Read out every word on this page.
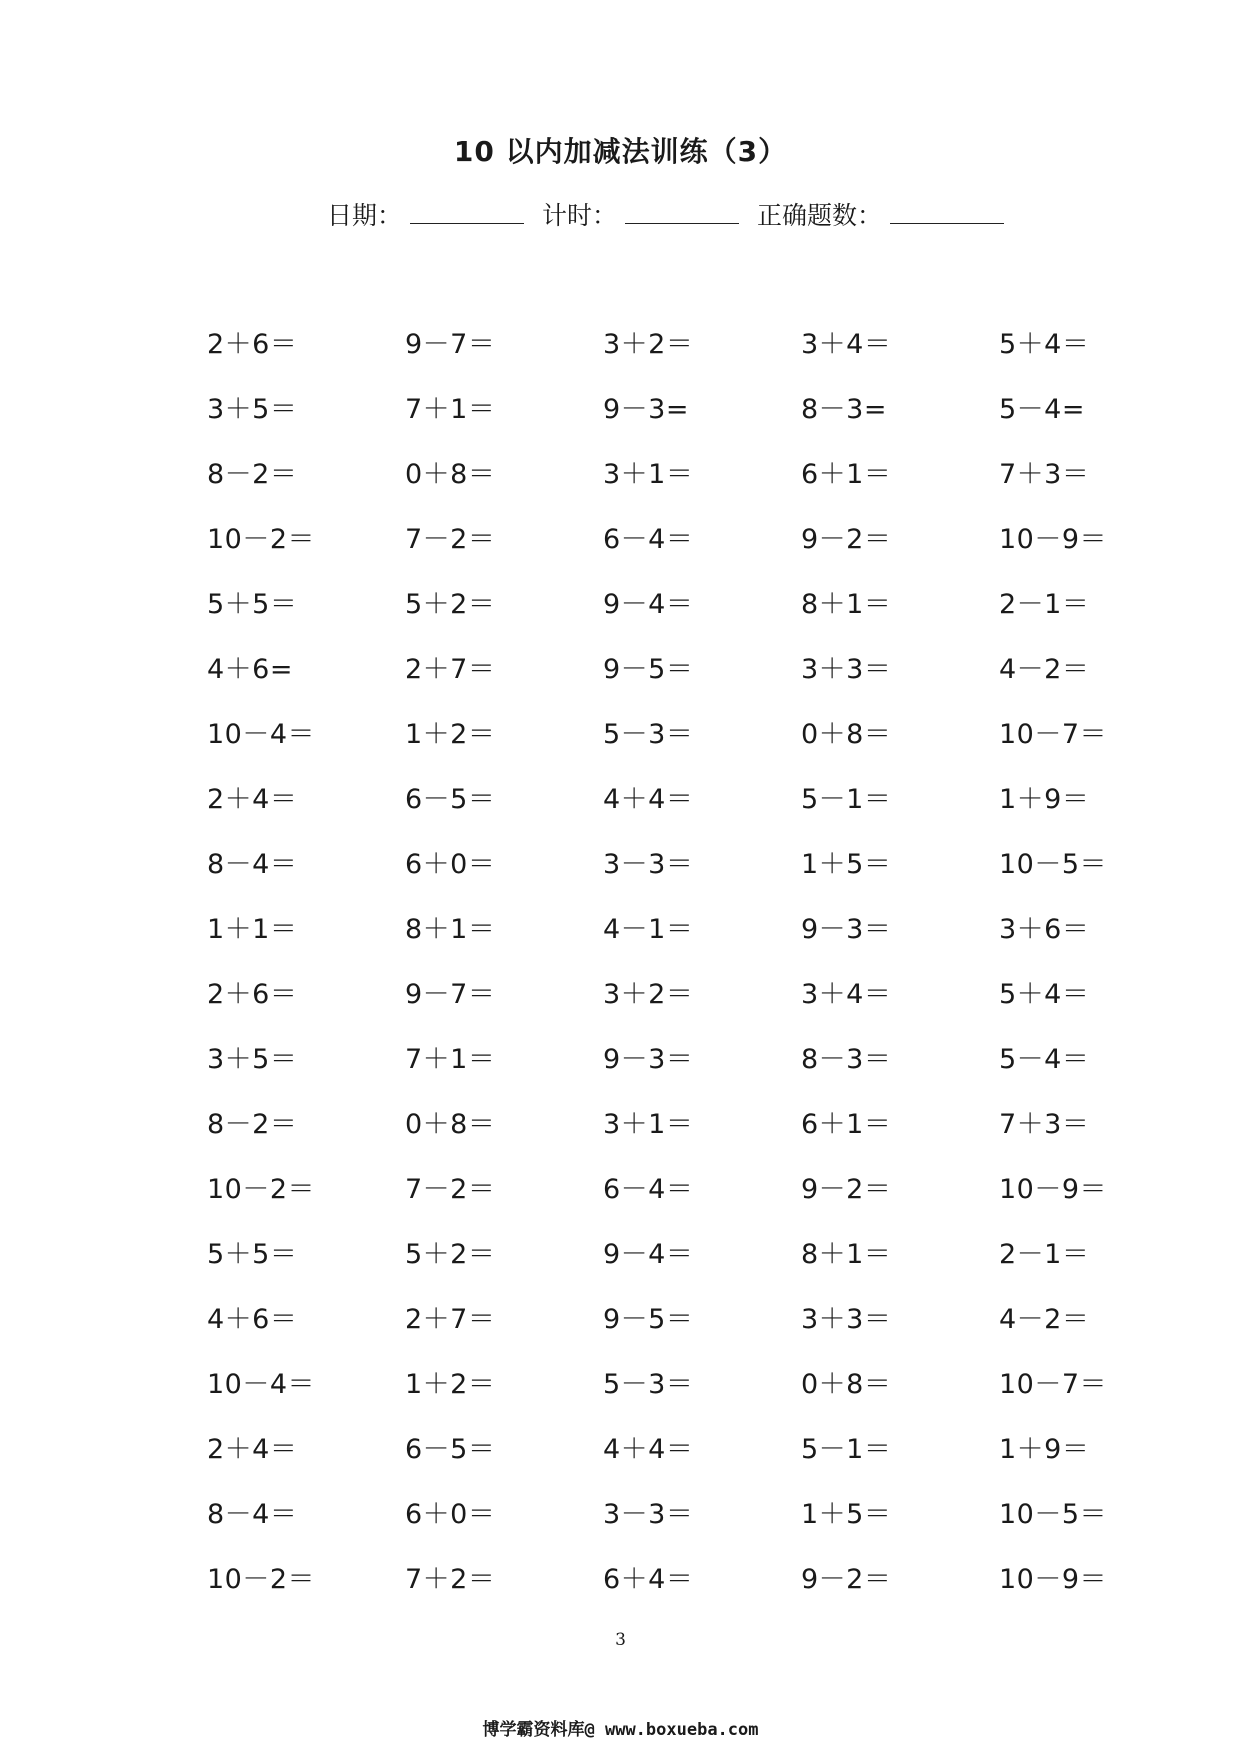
10 以内加减法训练（3）
日期：	计时：	正确题数：
2＋6＝	9－7＝	3＋2＝	3＋4＝	5＋4＝
3＋5＝	7＋1＝	9－3=	8－3=	5－4=
8－2＝	0＋8＝	3＋1＝	6＋1＝	7＋3＝
10－2＝	7－2＝	6－4＝	9－2＝	10－9＝
5＋5＝	5＋2＝	9－4＝	8＋1＝	2－1＝
4＋6=	2＋7＝	9－5＝	3＋3＝	4－2＝
10－4＝	1＋2＝	5－3＝	0＋8＝	10－7＝
2＋4＝	6－5＝	4＋4＝	5－1＝	1＋9＝
8－4＝	6＋0＝	3－3＝	1＋5＝	10－5＝
1＋1＝	8＋1＝	4－1＝	9－3＝	3＋6＝
2＋6＝	9－7＝	3＋2＝	3＋4＝	5＋4＝
3＋5＝	7＋1＝	9－3＝	8－3＝	5－4＝
8－2＝	0＋8＝	3＋1＝	6＋1＝	7＋3＝
10－2＝	7－2＝	6－4＝	9－2＝	10－9＝
5＋5＝	5＋2＝	9－4＝	8＋1＝	2－1＝
4＋6＝	2＋7＝	9－5＝	3＋3＝	4－2＝
10－4＝	1＋2＝	5－3＝	0＋8＝	10－7＝
2＋4＝	6－5＝	4＋4＝	5－1＝	1＋9＝
8－4＝	6＋0＝	3－3＝	1＋5＝	10－5＝
10－2＝	7＋2＝	6＋4＝	9－2＝	10－9＝
3
博学霸资料库@ www.boxueba.com
